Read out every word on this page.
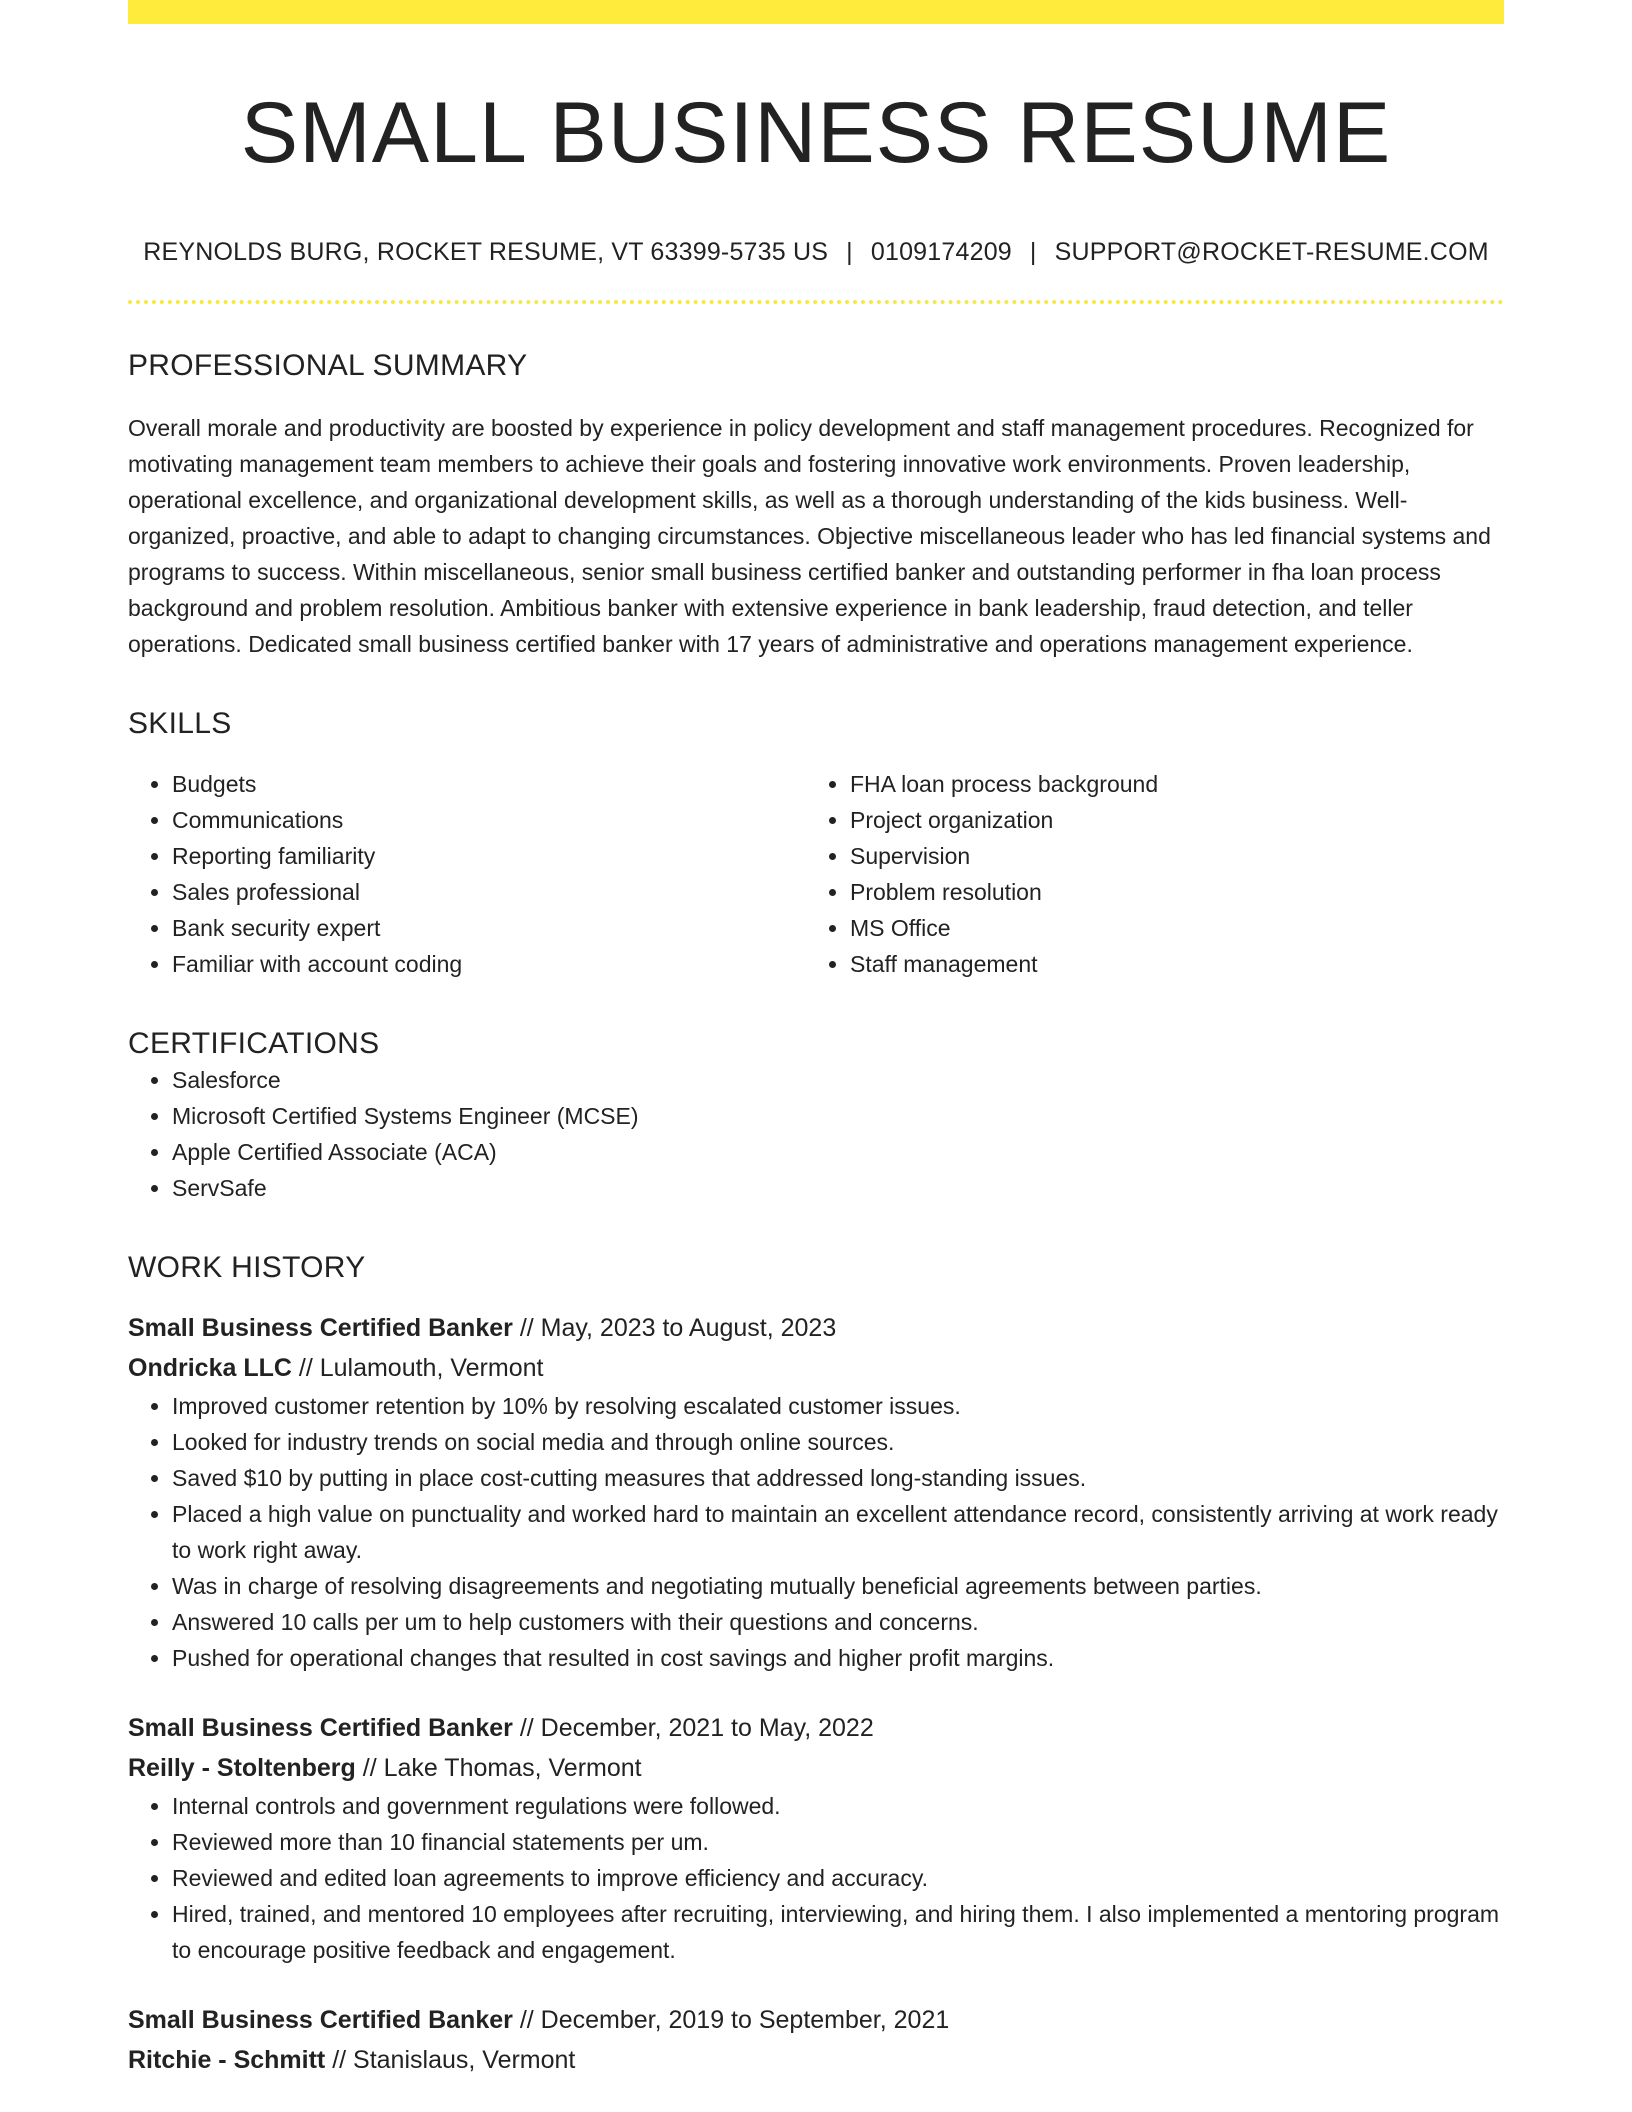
SMALL BUSINESS RESUME
REYNOLDS BURG, ROCKET RESUME, VT 63399-5735 US | 0109174209 | SUPPORT@ROCKET-RESUME.COM
PROFESSIONAL SUMMARY
Overall morale and productivity are boosted by experience in policy development and staff management procedures. Recognized for motivating management team members to achieve their goals and fostering innovative work environments. Proven leadership, operational excellence, and organizational development skills, as well as a thorough understanding of the kids business. Well-organized, proactive, and able to adapt to changing circumstances. Objective miscellaneous leader who has led financial systems and programs to success. Within miscellaneous, senior small business certified banker and outstanding performer in fha loan process background and problem resolution. Ambitious banker with extensive experience in bank leadership, fraud detection, and teller operations. Dedicated small business certified banker with 17 years of administrative and operations management experience.
SKILLS
• Budgets
• Communications
• Reporting familiarity
• Sales professional
• Bank security expert
• Familiar with account coding
• FHA loan process background
• Project organization
• Supervision
• Problem resolution
• MS Office
• Staff management
CERTIFICATIONS
• Salesforce
• Microsoft Certified Systems Engineer (MCSE)
• Apple Certified Associate (ACA)
• ServSafe
WORK HISTORY
Small Business Certified Banker // May, 2023 to August, 2023
Ondricka LLC // Lulamouth, Vermont
• Improved customer retention by 10% by resolving escalated customer issues.
• Looked for industry trends on social media and through online sources.
• Saved $10 by putting in place cost-cutting measures that addressed long-standing issues.
• Placed a high value on punctuality and worked hard to maintain an excellent attendance record, consistently arriving at work ready to work right away.
• Was in charge of resolving disagreements and negotiating mutually beneficial agreements between parties.
• Answered 10 calls per um to help customers with their questions and concerns.
• Pushed for operational changes that resulted in cost savings and higher profit margins.
Small Business Certified Banker // December, 2021 to May, 2022
Reilly - Stoltenberg // Lake Thomas, Vermont
• Internal controls and government regulations were followed.
• Reviewed more than 10 financial statements per um.
• Reviewed and edited loan agreements to improve efficiency and accuracy.
• Hired, trained, and mentored 10 employees after recruiting, interviewing, and hiring them. I also implemented a mentoring program to encourage positive feedback and engagement.
Small Business Certified Banker // December, 2019 to September, 2021
Ritchie - Schmitt // Stanislaus, Vermont
